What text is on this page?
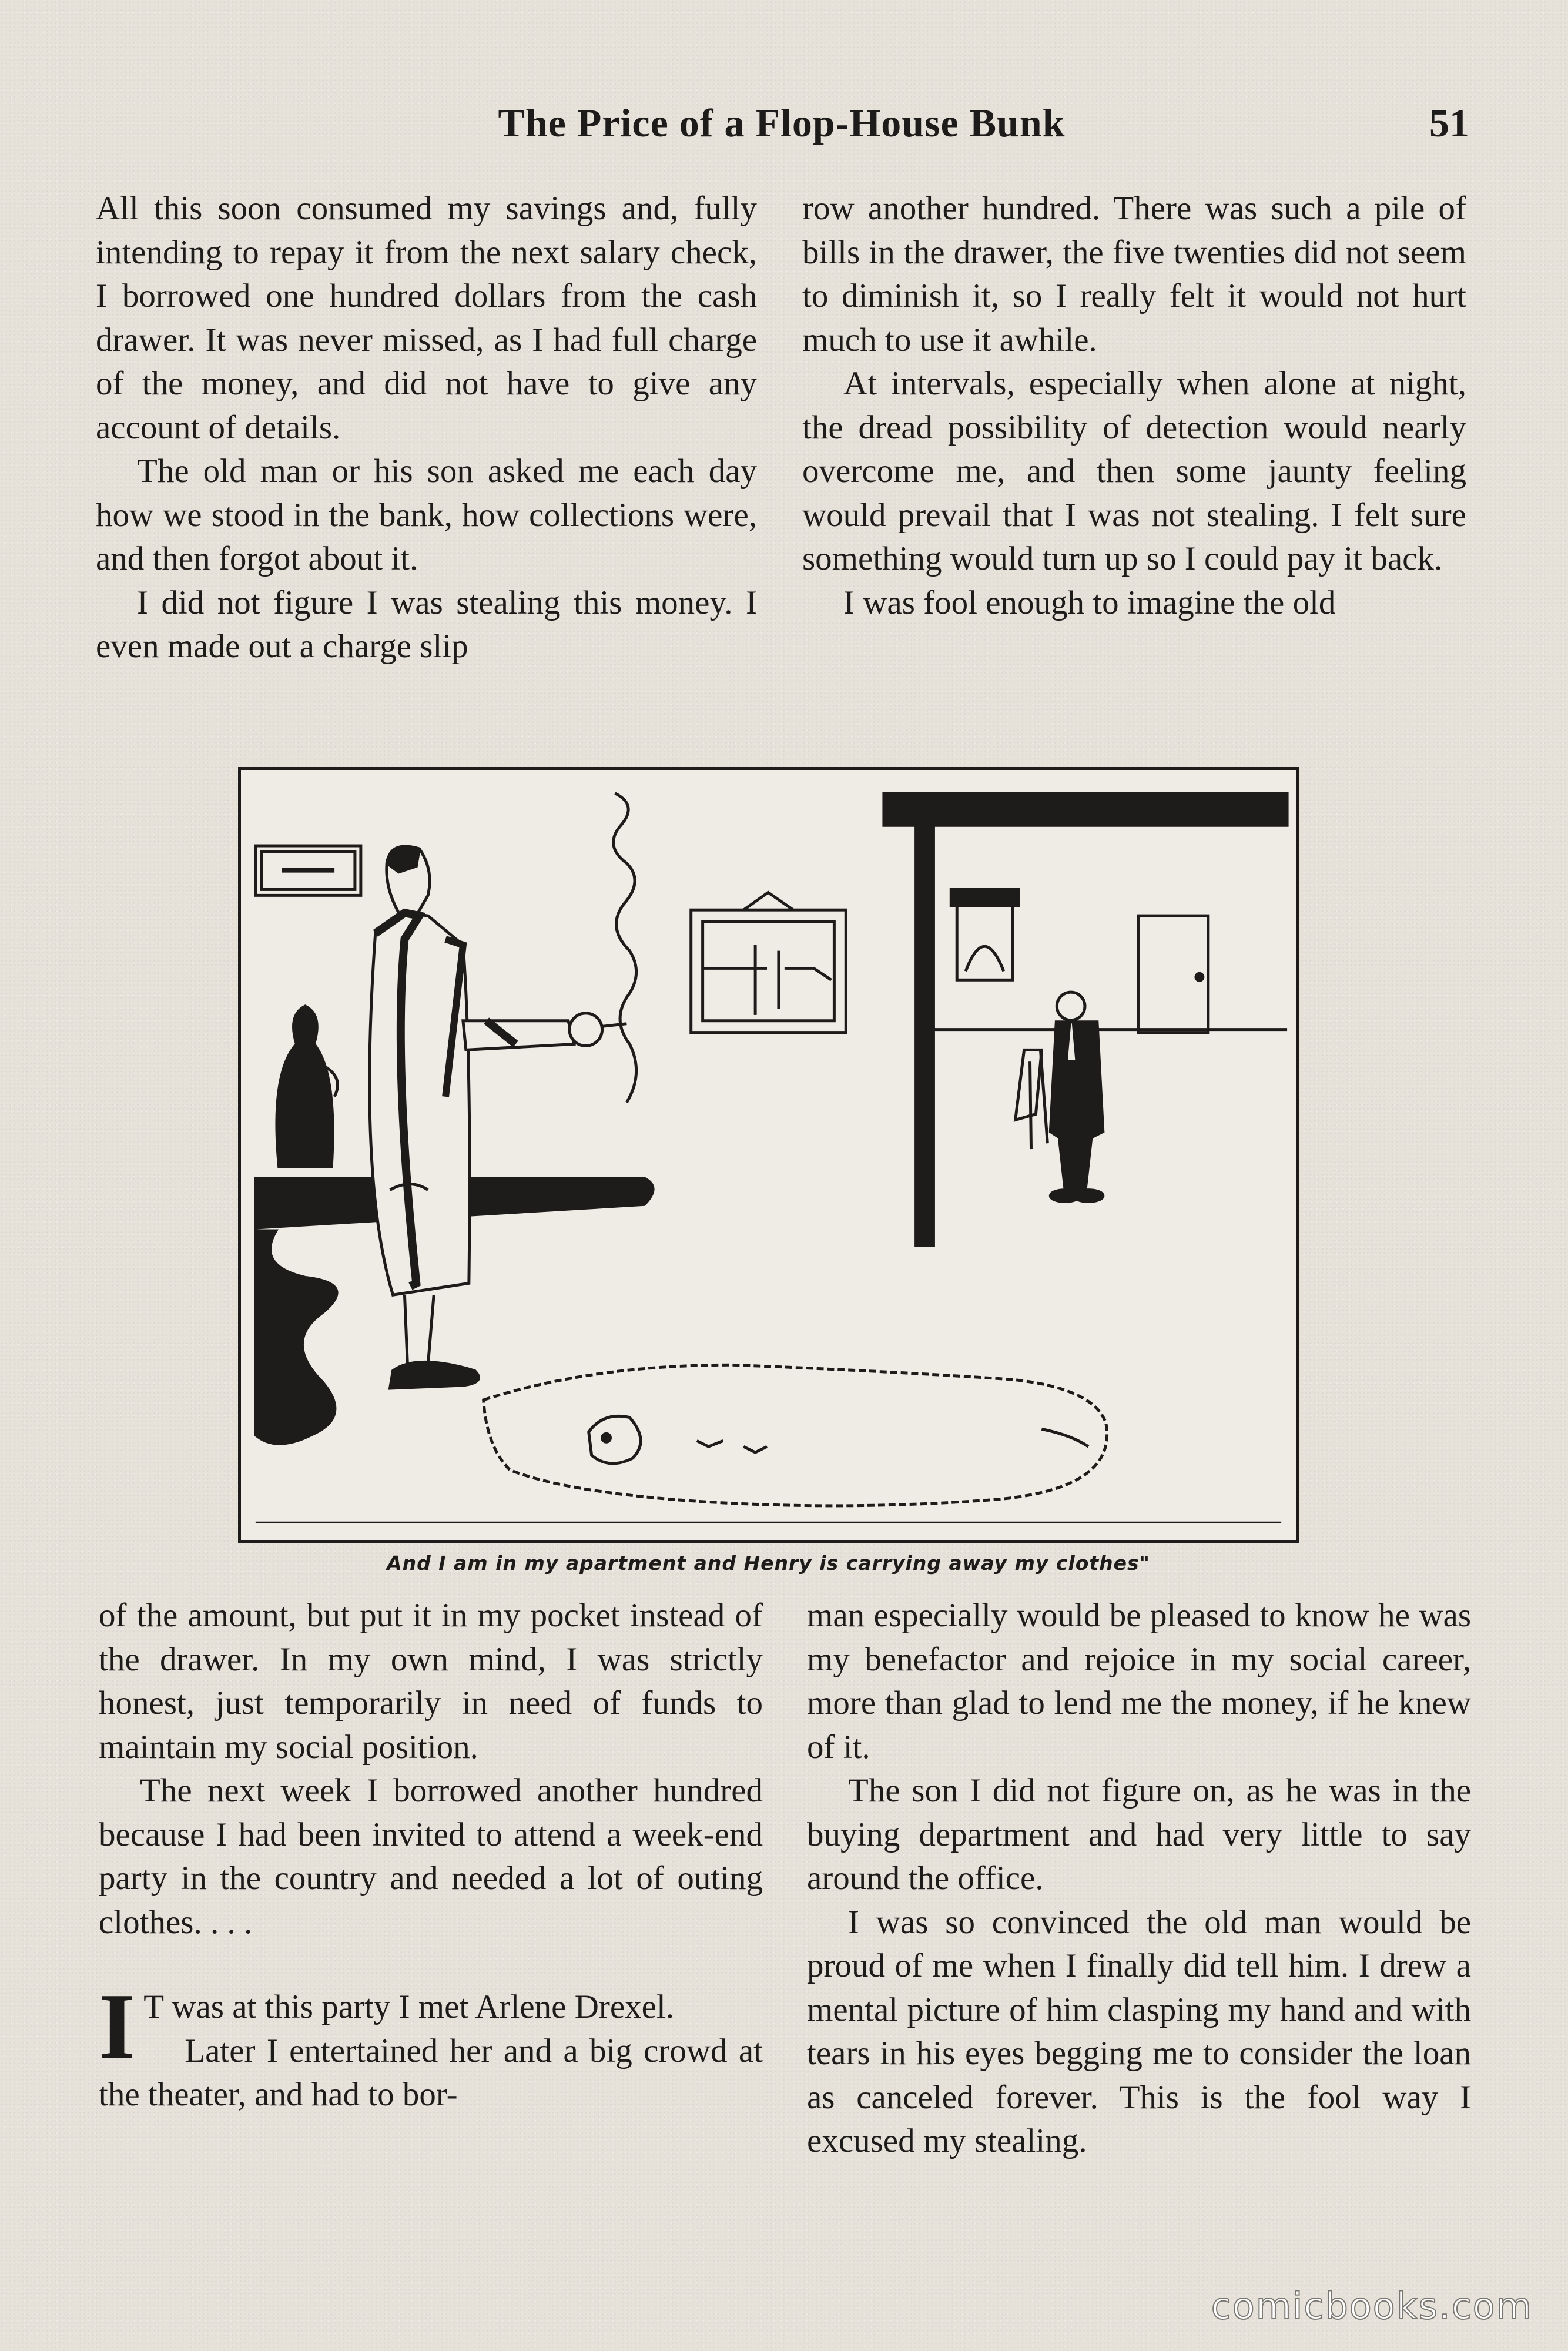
The Price of a Flop-House Bunk	51

All this soon consumed my savings and, fully intending to repay it from the next salary check, I borrowed one hundred dollars from the cash drawer. It was never missed, as I had full charge of the money, and did not have to give any account of details.

The old man or his son asked me each day how we stood in the bank, how collections were, and then forgot about it.

I did not figure I was stealing this money. I even made out a charge slip

row another hundred. There was such a pile of bills in the drawer, the five twenties did not seem to diminish it, so I really felt it would not hurt much to use it awhile.

At intervals, especially when alone at night, the dread possibility of detection would nearly overcome me, and then some jaunty feeling would prevail that I was not stealing. I felt sure something would turn up so I could pay it back.

I was fool enough to imagine the old

And I am in my apartment and Henry is carrying away my clothes"

of the amount, but put it in my pocket instead of the drawer. In my own mind, I was strictly honest, just temporarily in need of funds to maintain my social position.

The next week I borrowed another hundred because I had been invited to attend a week-end party in the country and needed a lot of outing clothes. . . .

I T was at this party I met Arlene Drexel.

Later I entertained her and a big crowd at the theater, and had to bor-

man especially would be pleased to know he was my benefactor and rejoice in my social career, more than glad to lend me the money, if he knew of it.

The son I did not figure on, as he was in the buying department and had very little to say around the office.

I was so convinced the old man would be proud of me when I finally did tell him. I drew a mental picture of him clasping my hand and with tears in his eyes begging me to consider the loan as canceled forever. This is the fool way I excused my stealing.

comicbooks.com
